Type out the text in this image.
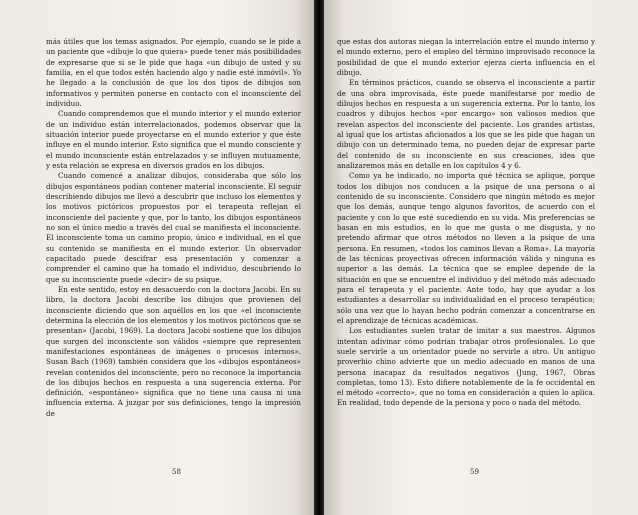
más útiles que los temas asignados. Por ejemplo, cuando se le pide a un paciente que «dibuje lo que quiera» puede tener más posibilidades de expresarse que si se le pide que haga «un dibujo de usted y su familia, en el que todos estén haciendo algo y nadie esté inmóvil». Yo he llegado a la conclusión de que los dos tipos de dibujos son informativos y permiten ponerse en contacto con el inconsciente del individuo.

Cuando comprendemos que el mundo interior y el mundo exterior de un individuo están interrelacionados, podemos observar que la situación interior puede proyectarse en el mundo exterior y que éste influye en el mundo interior. Esto significa que el mundo consciente y el mundo inconsciente están entrelazados y se influyen mutuamente, y esta relación se expresa en diversos grados en los dibujos.

Cuando comencé a analizar dibujos, consideraba que sólo los dibujos espontáneos podían contener material inconsciente. El seguir describiendo dibujos me llevó a descubrir que incluso los elementos y los motivos pictóricos propuestos por el terapeuta reflejan el inconsciente del paciente y que, por lo tanto, los dibujos espontáneos no son el único medio a través del cual se manifiesta el inconsciente. El inconsciente toma un camino propio, único e individual, en el que su contenido se manifiesta en el mundo exterior. Un observador capacitado puede descifrar esa presentación y comenzar a comprender el camino que ha tomado el individuo, descubriendo lo que su inconsciente puede «decir» de su psique.

En este sentido, estoy en desacuerdo con la doctora Jacobi. En su libro, la doctora Jacobi describe los dibujos que provienen del inconsciente diciendo que son aquéllos en los que «el inconsciente determina la elección de los elementos y los motivos pictóricos que se presentan» (Jacobi, 1969). La doctora Jacobi sostiene que los dibujos que surgen del inconsciente son válidos «siempre que representen manifestaciones espontáneas de imágenes o procesos internos». Susan Bach (1969) también considera que los «dibujos espontáneos» revelan contenidos del inconsciente, pero no reconoce la importancia de los dibujos hechos en respuesta a una sugerencia externa. Por definición, «espontáneo» significa que no tiene una causa ni una influencia externa. A juzgar por sus definiciones, tengo la impresión de

58

que estas dos autoras niegan la interrelación entre el mundo interno y el mundo externo, pero el empleo del término improvisado reconoce la posibilidad de que el mundo exterior ejerza cierta influencia en el dibujo.

En términos prácticos, cuando se observa el inconsciente a partir de una obra improvisada, éste puede manifestarse por medio de dibujos hechos en respuesta a un sugerencia externa. Por lo tanto, los cuadros y dibujos hechos «por encargo» son valiosos medios que revelan aspectos del inconsciente del paciente. Los grandes artistas, al igual que los artistas aficionados a los que se les pide que hagan un dibujo con un determinado tema, no pueden dejar de expresar parte del contenido de su inconsciente en sus creaciones, idea que analizaremos más en detalle en los capítulos 4 y 6.

Como ya he indicado, no importa qué técnica se aplique, porque todos los dibujos nos conducen a la psique de una persona o al contenido de su inconsciente. Considero que ningún método es mejor que los demás, aunque tengo algunos favoritos, de acuerdo con el paciente y con lo que esté sucediendo en su vida. Mis preferencias se basan en mis estudios, en lo que me gusta o me disgusta, y no pretendo afirmar que otros métodos no lleven a la psique de una persona. En resumen, «todos los caminos llevan a Roma». La mayoría de las técnicas proyectivas ofrecen información válida y ninguna es superior a las demás. La técnica que se emplee depende de la situación en que se encuentre el individuo y del método más adecuado para el terapeuta y el paciente. Ante todo, hay que ayudar a los estudiantes a desarrollar su individualidad en el proceso terapéutico; sólo una vez que lo hayan hecho podrán comenzar a concentrarse en el aprendizaje de técnicas académicas.

Los estudiantes suelen tratar de imitar a sus maestros. Algunos intentan adivinar cómo podrían trabajar otros profesionales. Lo que suele servirle a un orientador puede no servirle a otro. Un antiguo proverbio chino advierte que un medio adecuado en manos de una persona inacapaz da resultados negativos (Jung, 1967, Obras completas, tomo 13). Esto difiere notablemente de la fe occidental en el método «correcto», que no toma en consideración a quien lo aplica. En realidad, todo depende de la persona y poco o nada del método.

59
